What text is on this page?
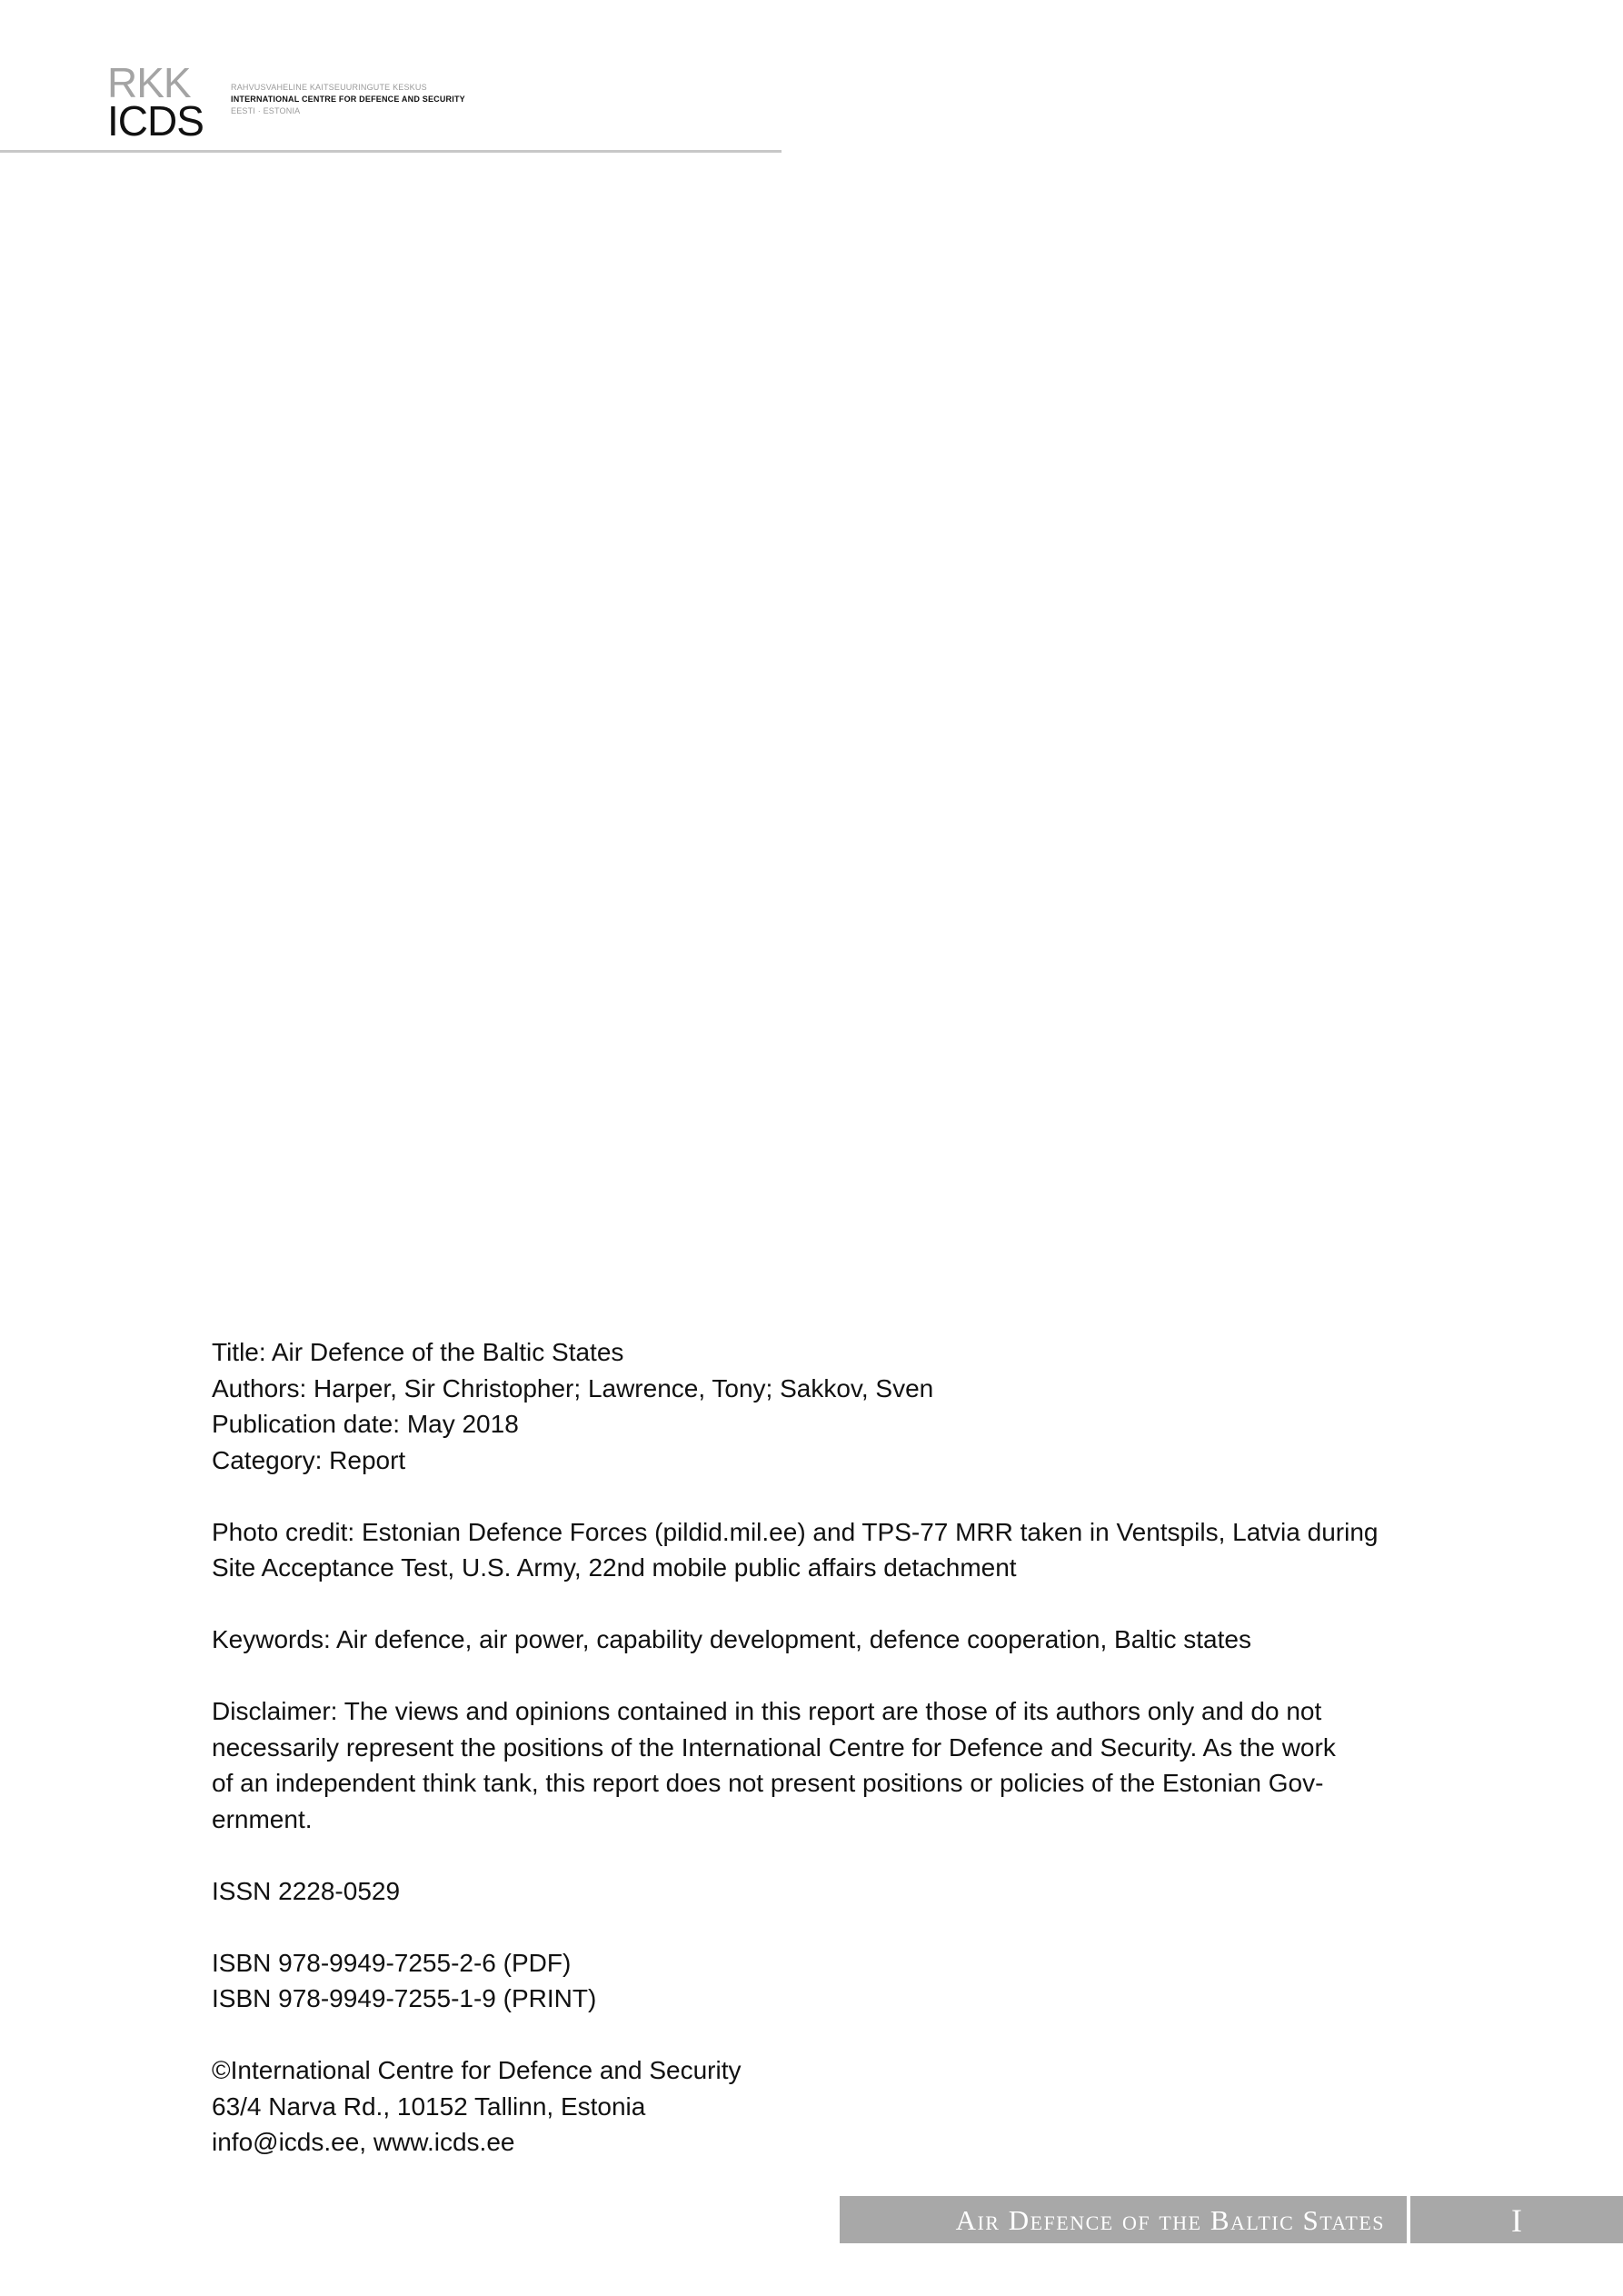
RKK
ICDS
RAHVUSVAHELINE KAITSEUURINGUTE KESKUS
INTERNATIONAL CENTRE FOR DEFENCE AND SECURITY
EESTI · ESTONIA

Title: Air Defence of the Baltic States
Authors: Harper, Sir Christopher; Lawrence, Tony; Sakkov, Sven
Publication date: May 2018
Category: Report

Photo credit: Estonian Defence Forces (pildid.mil.ee) and TPS-77 MRR taken in Ventspils, Latvia during
Site Acceptance Test, U.S. Army, 22nd mobile public affairs detachment

Keywords: Air defence, air power, capability development, defence cooperation, Baltic states

Disclaimer: The views and opinions contained in this report are those of its authors only and do not
necessarily represent the positions of the International Centre for Defence and Security. As the work
of an independent think tank, this report does not present positions or policies of the Estonian Gov-
ernment.

ISSN 2228-0529

ISBN 978-9949-7255-2-6 (PDF)
ISBN 978-9949-7255-1-9 (PRINT)

©International Centre for Defence and Security
63/4 Narva Rd., 10152 Tallinn, Estonia
info@icds.ee, www.icds.ee

Air Defence of the Baltic States	I
